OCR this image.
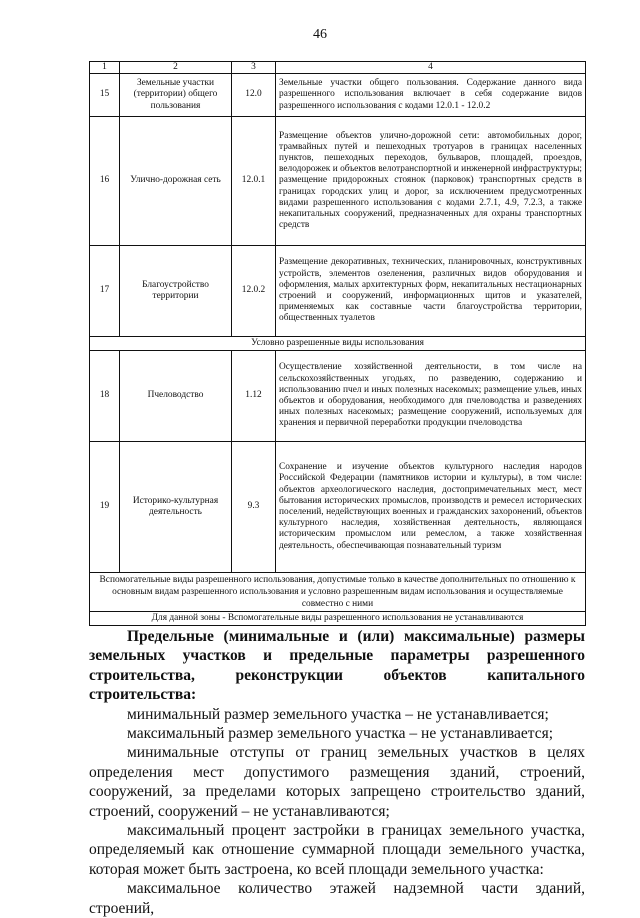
46
1	2	3	4
15	Земельные участки (территории) общего пользования	12.0	Земельные участки общего пользования. Содержание данного вида разрешенного использования включает в себя содержание видов разрешенного использования с кодами 12.0.1 - 12.0.2
16	Улично-дорожная сеть	12.0.1	Размещение объектов улично-дорожной сети: автомобильных дорог, трамвайных путей и пешеходных тротуаров в границах населенных пунктов, пешеходных переходов, бульваров, площадей, проездов, велодорожек и объектов велотранспортной и инженерной инфраструктуры; размещение придорожных стоянок (парковок) транспортных средств в границах городских улиц и дорог, за исключением предусмотренных видами разрешенного использования с кодами 2.7.1, 4.9, 7.2.3, а также некапитальных сооружений, предназначенных для охраны транспортных средств
17	Благоустройство территории	12.0.2	Размещение декоративных, технических, планировочных, конструктивных устройств, элементов озеленения, различных видов оборудования и оформления, малых архитектурных форм, некапитальных нестационарных строений и сооружений, информационных щитов и указателей, применяемых как составные части благоустройства территории, общественных туалетов
Условно разрешенные виды использования			
18	Пчеловодство	1.12	Осуществление хозяйственной деятельности, в том числе на сельскохозяйственных угодьях, по разведению, содержанию и использованию пчел и иных полезных насекомых; размещение ульев, иных объектов и оборудования, необходимого для пчеловодства и разведениях иных полезных насекомых; размещение сооружений, используемых для хранения и первичной переработки продукции пчеловодства
19	Историко-культурная деятельность	9.3	Сохранение и изучение объектов культурного наследия народов Российской Федерации (памятников истории и культуры), в том числе: объектов археологического наследия, достопримечательных мест, мест бытования исторических промыслов, производств и ремесел исторических поселений, недействующих военных и гражданских захоронений, объектов культурного наследия, хозяйственная деятельность, являющаяся историческим промыслом или ремеслом, а также хозяйственная деятельность, обеспечивающая познавательный туризм
Вспомогательные виды разрешенного использования, допустимые только в качестве дополнительных по отношению к основным видам разрешенного использования и условно разрешенным видам использования и осуществляемые совместно с ними			
Для данной зоны - Вспомогательные виды разрешенного использования не устанавливаются			

Предельные (минимальные и (или) максимальные) размеры земельных участков и предельные параметры разрешенного строительства, реконструкции объектов капитального строительства:

минимальный размер земельного участка – не устанавливается;

максимальный размер земельного участка – не устанавливается;

минимальные отступы от границ земельных участков в целях определения мест допустимого размещения зданий, строений, сооружений, за пределами которых запрещено строительство зданий, строений, сооружений – не устанавливаются;

максимальный процент застройки в границах земельного участка, определяемый как отношение суммарной площади земельного участка, которая может быть застроена, ко всей площади земельного участка:

максимальное количество этажей надземной части зданий, строений,
